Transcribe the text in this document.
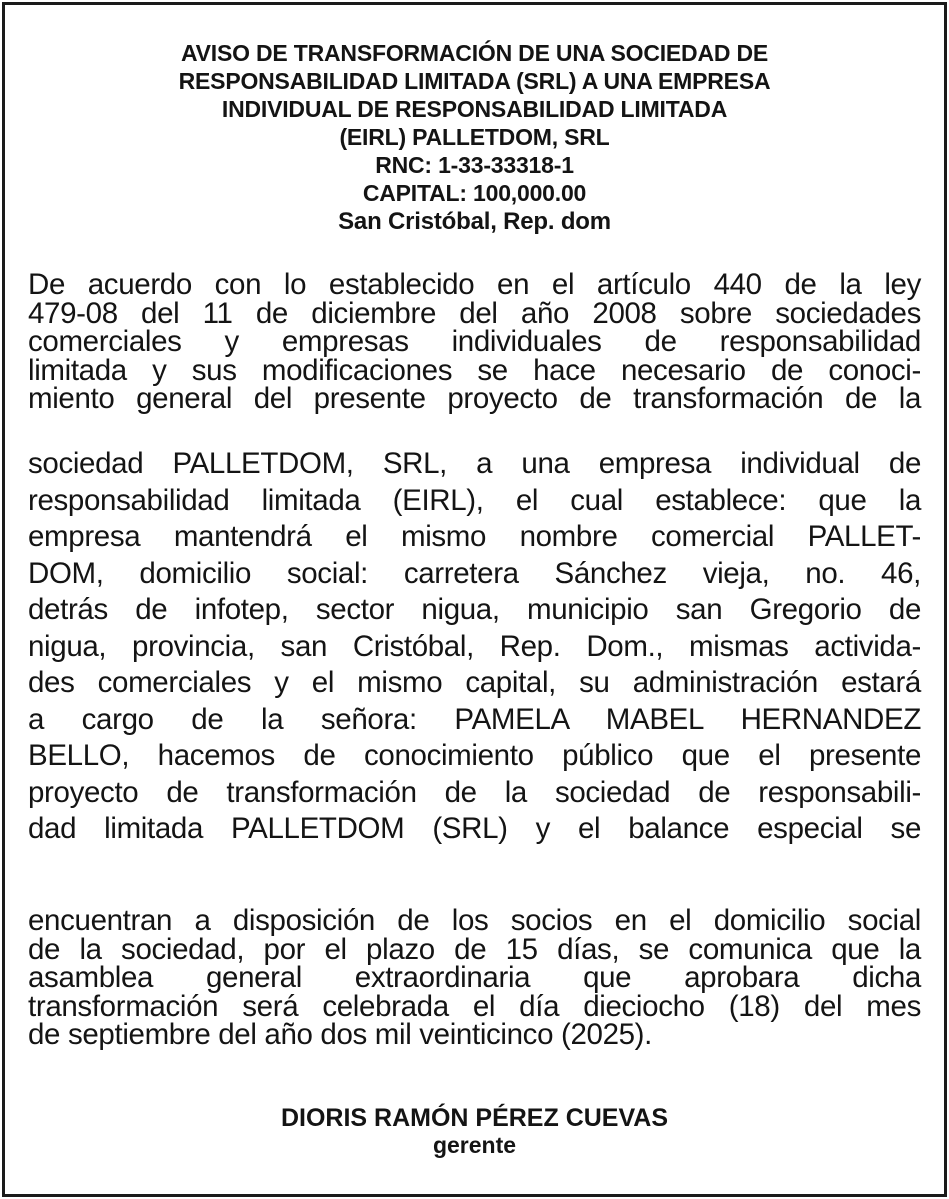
AVISO DE TRANSFORMACIÓN DE UNA SOCIEDAD DE
RESPONSABILIDAD LIMITADA (SRL) A UNA EMPRESA
INDIVIDUAL DE RESPONSABILIDAD LIMITADA
(EIRL) PALLETDOM, SRL
RNC: 1-33-33318-1
CAPITAL: 100,000.00
San Cristóbal, Rep. dom
De acuerdo con lo establecido en el artículo 440 de la ley
479-08 del 11 de diciembre del año 2008 sobre sociedades
comerciales y empresas individuales de responsabilidad
limitada y sus modificaciones se hace necesario de conoci-
miento general del presente proyecto de transformación de la
sociedad PALLETDOM, SRL, a una empresa individual de
responsabilidad limitada (EIRL), el cual establece: que la
empresa mantendrá el mismo nombre comercial PALLET-
DOM, domicilio social: carretera Sánchez vieja, no. 46,
detrás de infotep, sector nigua, municipio san Gregorio de
nigua, provincia, san Cristóbal, Rep. Dom., mismas activida-
des comerciales y el mismo capital, su administración estará
a cargo de la señora: PAMELA MABEL HERNANDEZ
BELLO, hacemos de conocimiento público que el presente
proyecto de transformación de la sociedad de responsabili-
dad limitada PALLETDOM (SRL) y el balance especial se
encuentran a disposición de los socios en el domicilio social
de la sociedad, por el plazo de 15 días, se comunica que la
asamblea general extraordinaria que aprobara dicha
transformación será celebrada el día dieciocho (18) del mes
de septiembre del año dos mil veinticinco (2025).
DIORIS RAMÓN PÉREZ CUEVAS
gerente
